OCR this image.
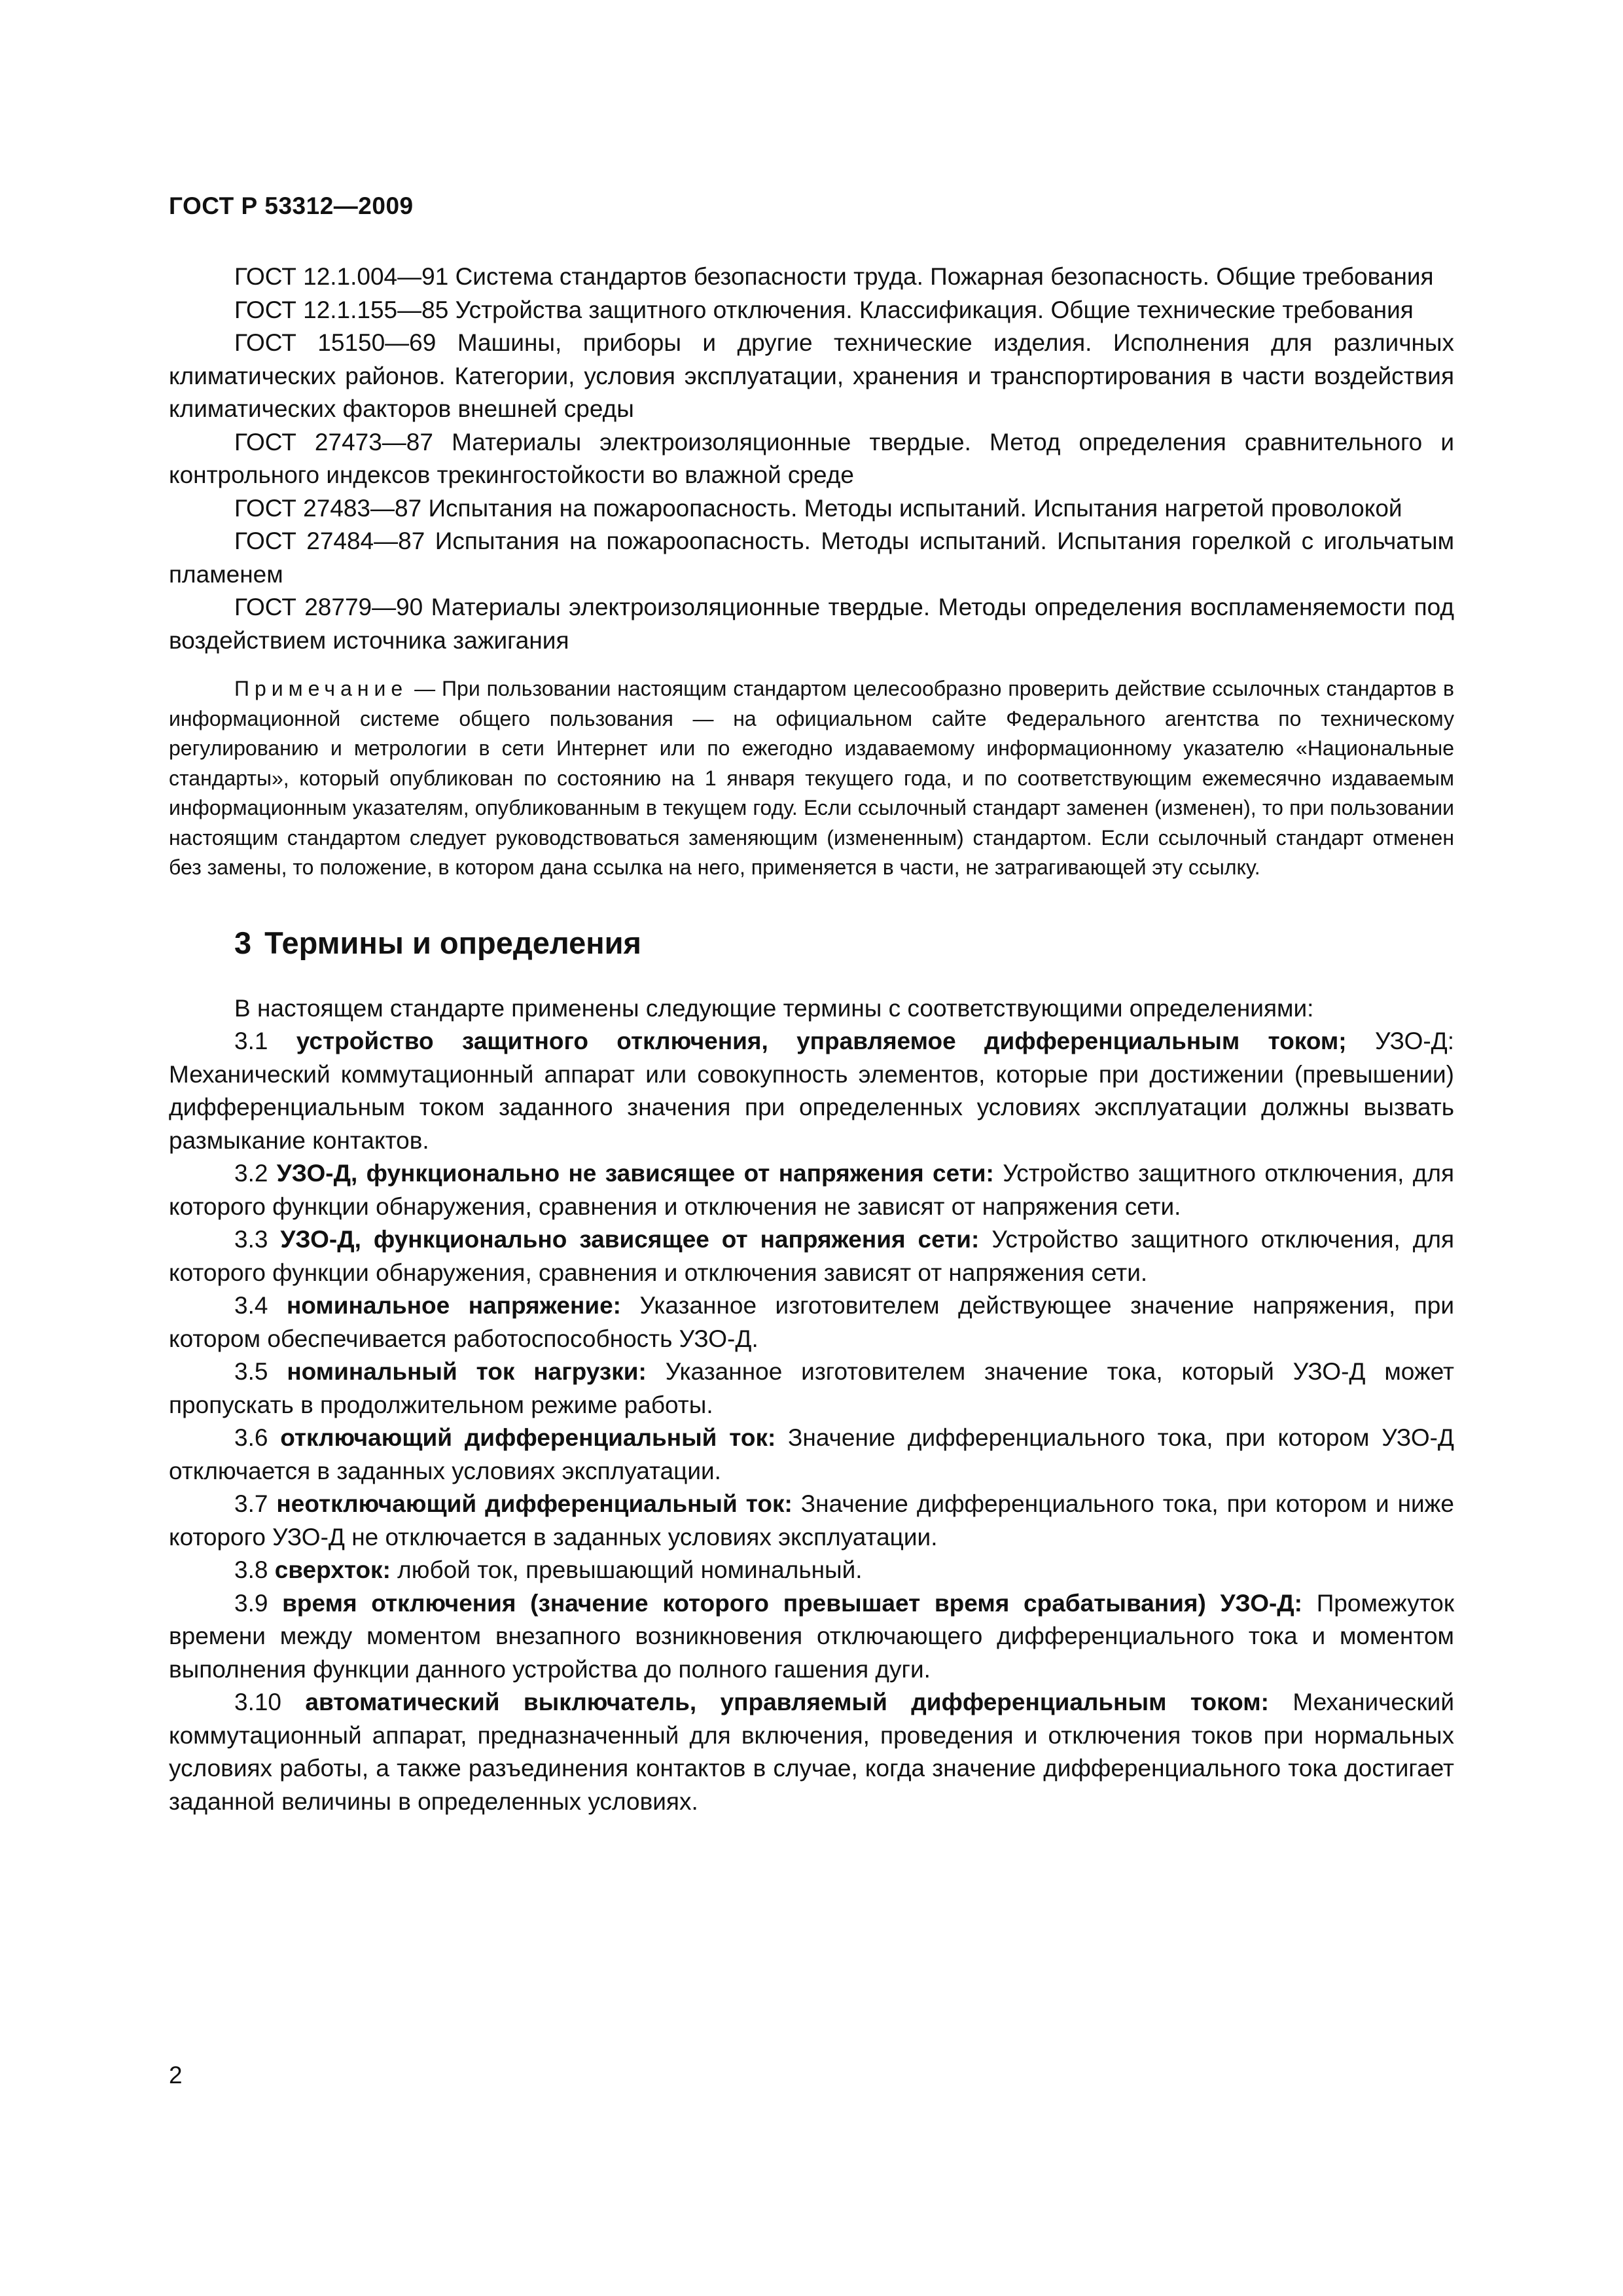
ГОСТ Р 53312—2009

ГОСТ 12.1.004—91 Система стандартов безопасности труда. Пожарная безопасность. Общие требования

ГОСТ 12.1.155—85 Устройства защитного отключения. Классификация. Общие технические требования

ГОСТ 15150—69 Машины, приборы и другие технические изделия. Исполнения для различных климатических районов. Категории, условия эксплуатации, хранения и транспортирования в части воздействия климатических факторов внешней среды

ГОСТ 27473—87 Материалы электроизоляционные твердые. Метод определения сравнительного и контрольного индексов трекингостойкости во влажной среде

ГОСТ 27483—87 Испытания на пожароопасность. Методы испытаний. Испытания нагретой проволокой

ГОСТ 27484—87 Испытания на пожароопасность. Методы испытаний. Испытания горелкой с игольчатым пламенем

ГОСТ 28779—90 Материалы электроизоляционные твердые. Методы определения воспламеняемости под воздействием источника зажигания

Примечание — При пользовании настоящим стандартом целесообразно проверить действие ссылочных стандартов в информационной системе общего пользования — на официальном сайте Федерального агентства по техническому регулированию и метрологии в сети Интернет или по ежегодно издаваемому информационному указателю «Национальные стандарты», который опубликован по состоянию на 1 января текущего года, и по соответствующим ежемесячно издаваемым информационным указателям, опубликованным в текущем году. Если ссылочный стандарт заменен (изменен), то при пользовании настоящим стандартом следует руководствоваться заменяющим (измененным) стандартом. Если ссылочный стандарт отменен без замены, то положение, в котором дана ссылка на него, применяется в части, не затрагивающей эту ссылку.

3 Термины и определения

В настоящем стандарте применены следующие термины с соответствующими определениями:

3.1 устройство защитного отключения, управляемое дифференциальным током; УЗО-Д: Механический коммутационный аппарат или совокупность элементов, которые при достижении (превышении) дифференциальным током заданного значения при определенных условиях эксплуатации должны вызвать размыкание контактов.

3.2 УЗО-Д, функционально не зависящее от напряжения сети: Устройство защитного отключения, для которого функции обнаружения, сравнения и отключения не зависят от напряжения сети.

3.3 УЗО-Д, функционально зависящее от напряжения сети: Устройство защитного отключения, для которого функции обнаружения, сравнения и отключения зависят от напряжения сети.

3.4 номинальное напряжение: Указанное изготовителем действующее значение напряжения, при котором обеспечивается работоспособность УЗО-Д.

3.5 номинальный ток нагрузки: Указанное изготовителем значение тока, который УЗО-Д может пропускать в продолжительном режиме работы.

3.6 отключающий дифференциальный ток: Значение дифференциального тока, при котором УЗО-Д отключается в заданных условиях эксплуатации.

3.7 неотключающий дифференциальный ток: Значение дифференциального тока, при котором и ниже которого УЗО-Д не отключается в заданных условиях эксплуатации.

3.8 сверхток: любой ток, превышающий номинальный.

3.9 время отключения (значение которого превышает время срабатывания) УЗО-Д: Промежуток времени между моментом внезапного возникновения отключающего дифференциального тока и моментом выполнения функции данного устройства до полного гашения дуги.

3.10 автоматический выключатель, управляемый дифференциальным током: Механический коммутационный аппарат, предназначенный для включения, проведения и отключения токов при нормальных условиях работы, а также разъединения контактов в случае, когда значение дифференциального тока достигает заданной величины в определенных условиях.

2
